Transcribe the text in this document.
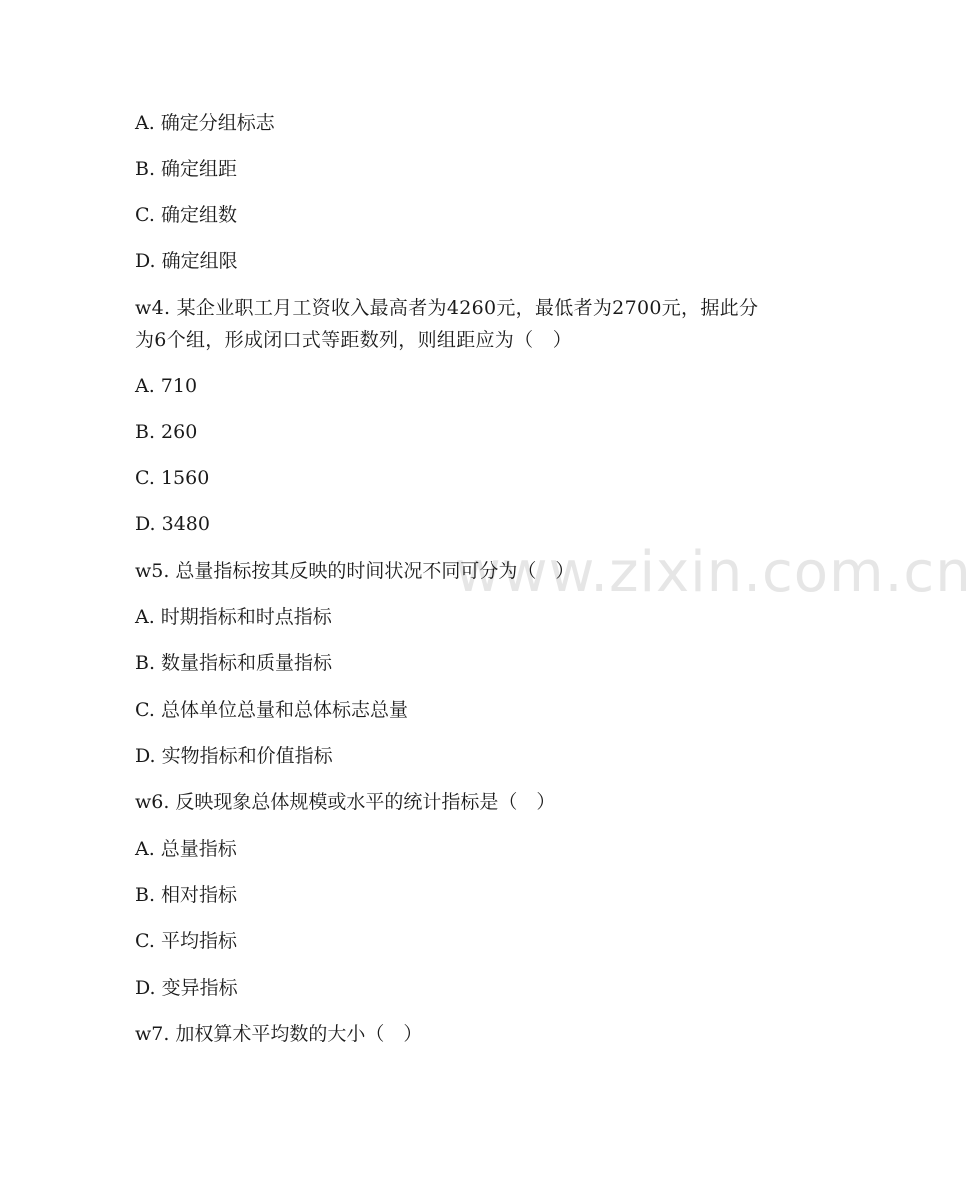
www.zixin.com.cn
A. 确定分组标志
B. 确定组距
C. 确定组数
D. 确定组限
w4. 某企业职工月工资收入最高者为4260元，最低者为2700元，据此分为6个组，形成闭口式等距数列，则组距应为（　）
A. 710
B. 260
C. 1560
D. 3480
w5. 总量指标按其反映的时间状况不同可分为（　）
A. 时期指标和时点指标
B. 数量指标和质量指标
C. 总体单位总量和总体标志总量
D. 实物指标和价值指标
w6. 反映现象总体规模或水平的统计指标是（　）
A. 总量指标
B. 相对指标
C. 平均指标
D. 变异指标
w7. 加权算术平均数的大小（　）
